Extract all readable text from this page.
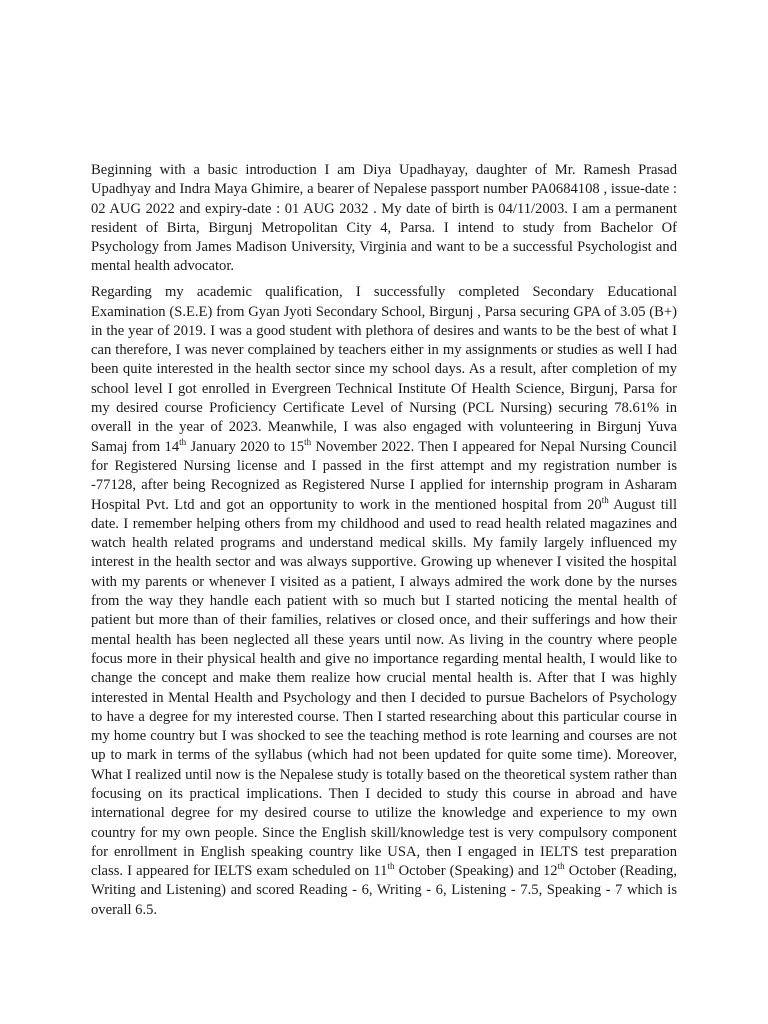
Beginning with a basic introduction I am Diya Upadhayay, daughter of Mr. Ramesh Prasad Upadhyay and Indra Maya Ghimire, a bearer of Nepalese passport number PA0684108 , issue-date : 02 AUG 2022 and expiry-date : 01 AUG 2032 . My date of birth is 04/11/2003. I am a permanent resident of Birta, Birgunj Metropolitan City 4, Parsa. I intend to study from Bachelor Of Psychology from James Madison University, Virginia and want to be a successful Psychologist and mental health advocator.

Regarding my academic qualification, I successfully completed Secondary Educational Examination (S.E.E) from Gyan Jyoti Secondary School, Birgunj , Parsa securing GPA of 3.05 (B+) in the year of 2019. I was a good student with plethora of desires and wants to be the best of what I can therefore, I was never complained by teachers either in my assignments or studies as well I had been quite interested in the health sector since my school days. As a result, after completion of my school level I got enrolled in Evergreen Technical Institute Of Health Science, Birgunj, Parsa for my desired course Proficiency Certificate Level of Nursing (PCL Nursing) securing 78.61% in overall in the year of 2023. Meanwhile, I was also engaged with volunteering in Birgunj Yuva Samaj from 14th January 2020 to 15th November 2022. Then I appeared for Nepal Nursing Council for Registered Nursing license and I passed in the first attempt and my registration number is -77128, after being Recognized as Registered Nurse I applied for internship program in Asharam Hospital Pvt. Ltd and got an opportunity to work in the mentioned hospital from 20th August till date. I remember helping others from my childhood and used to read health related magazines and watch health related programs and understand medical skills. My family largely influenced my interest in the health sector and was always supportive. Growing up whenever I visited the hospital with my parents or whenever I visited as a patient, I always admired the work done by the nurses from the way they handle each patient with so much but I started noticing the mental health of patient but more than of their families, relatives or closed once, and their sufferings and how their mental health has been neglected all these years until now. As living in the country where people focus more in their physical health and give no importance regarding mental health, I would like to change the concept and make them realize how crucial mental health is. After that I was highly interested in Mental Health and Psychology and then I decided to pursue Bachelors of Psychology to have a degree for my interested course. Then I started researching about this particular course in my home country but I was shocked to see the teaching method is rote learning and courses are not up to mark in terms of the syllabus (which had not been updated for quite some time). Moreover, What I realized until now is the Nepalese study is totally based on the theoretical system rather than focusing on its practical implications. Then I decided to study this course in abroad and have international degree for my desired course to utilize the knowledge and experience to my own country for my own people. Since the English skill/knowledge test is very compulsory component for enrollment in English speaking country like USA, then I engaged in IELTS test preparation class. I appeared for IELTS exam scheduled on 11th October (Speaking) and 12th October (Reading, Writing and Listening) and scored Reading - 6, Writing - 6, Listening - 7.5, Speaking - 7 which is overall 6.5.
